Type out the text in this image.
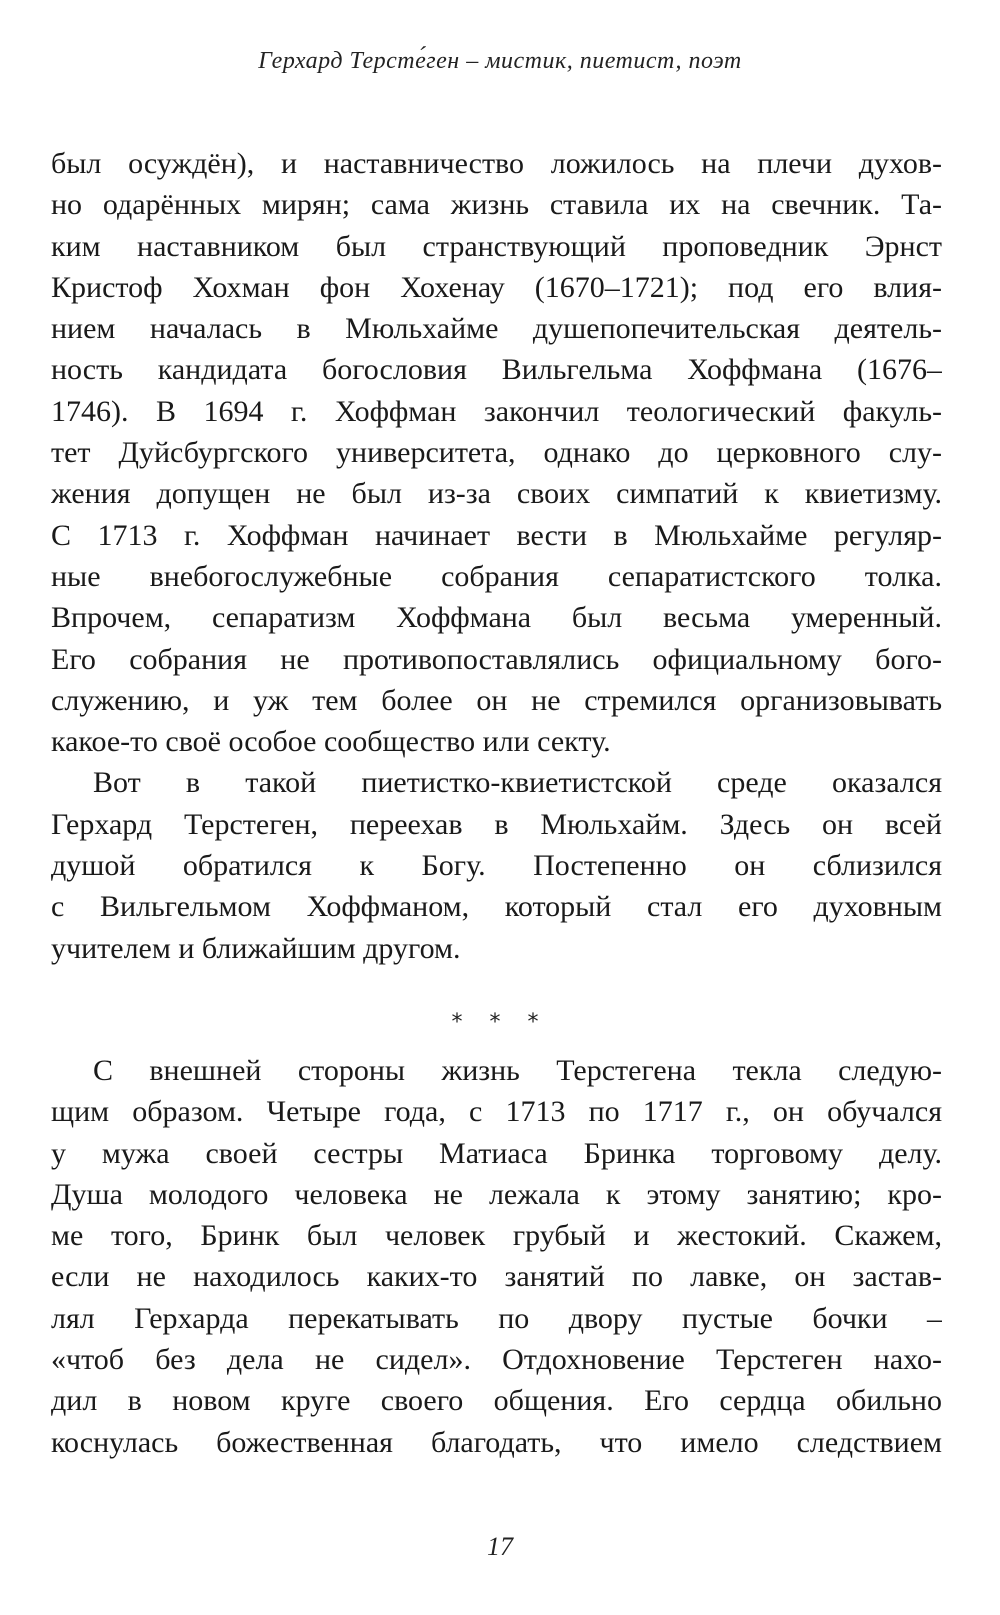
Герхард Терсте́ген – мистик, пиетист, поэт
был осуждён), и наставничество ложилось на плечи духов-
но одарённых мирян; сама жизнь ставила их на свечник. Та-
ким наставником был странствующий проповедник Эрнст
Кристоф Хохман фон Хохенау (1670–1721); под его влия-
нием началась в Мюльхайме душепопечительская деятель-
ность кандидата богословия Вильгельма Хоффмана (1676–
1746). В 1694 г. Хоффман закончил теологический факуль-
тет Дуйсбургского университета, однако до церковного слу-
жения допущен не был из-за своих симпатий к квиетизму.
С 1713 г. Хоффман начинает вести в Мюльхайме регуляр-
ные внебогослужебные собрания сепаратистского толка.
Впрочем, сепаратизм Хоффмана был весьма умеренный.
Его собрания не противопоставлялись официальному бого-
служению, и уж тем более он не стремился организовывать
какое-то своё особое сообщество или секту.
Вот в такой пиетистко-квиетистской среде оказался
Герхард Терстеген, переехав в Мюльхайм. Здесь он всей
душой обратился к Богу. Постепенно он сблизился
с Вильгельмом Хоффманом, который стал его духовным
учителем и ближайшим другом.
* * *
С внешней стороны жизнь Терстегена текла следую-
щим образом. Четыре года, с 1713 по 1717 г., он обучался
у мужа своей сестры Матиаса Бринка торговому делу.
Душа молодого человека не лежала к этому занятию; кро-
ме того, Бринк был человек грубый и жестокий. Скажем,
если не находилось каких-то занятий по лавке, он застав-
лял Герхарда перекатывать по двору пустые бочки –
«чтоб без дела не сидел». Отдохновение Терстеген нахо-
дил в новом круге своего общения. Его сердца обильно
коснулась божественная благодать, что имело следствием
17
